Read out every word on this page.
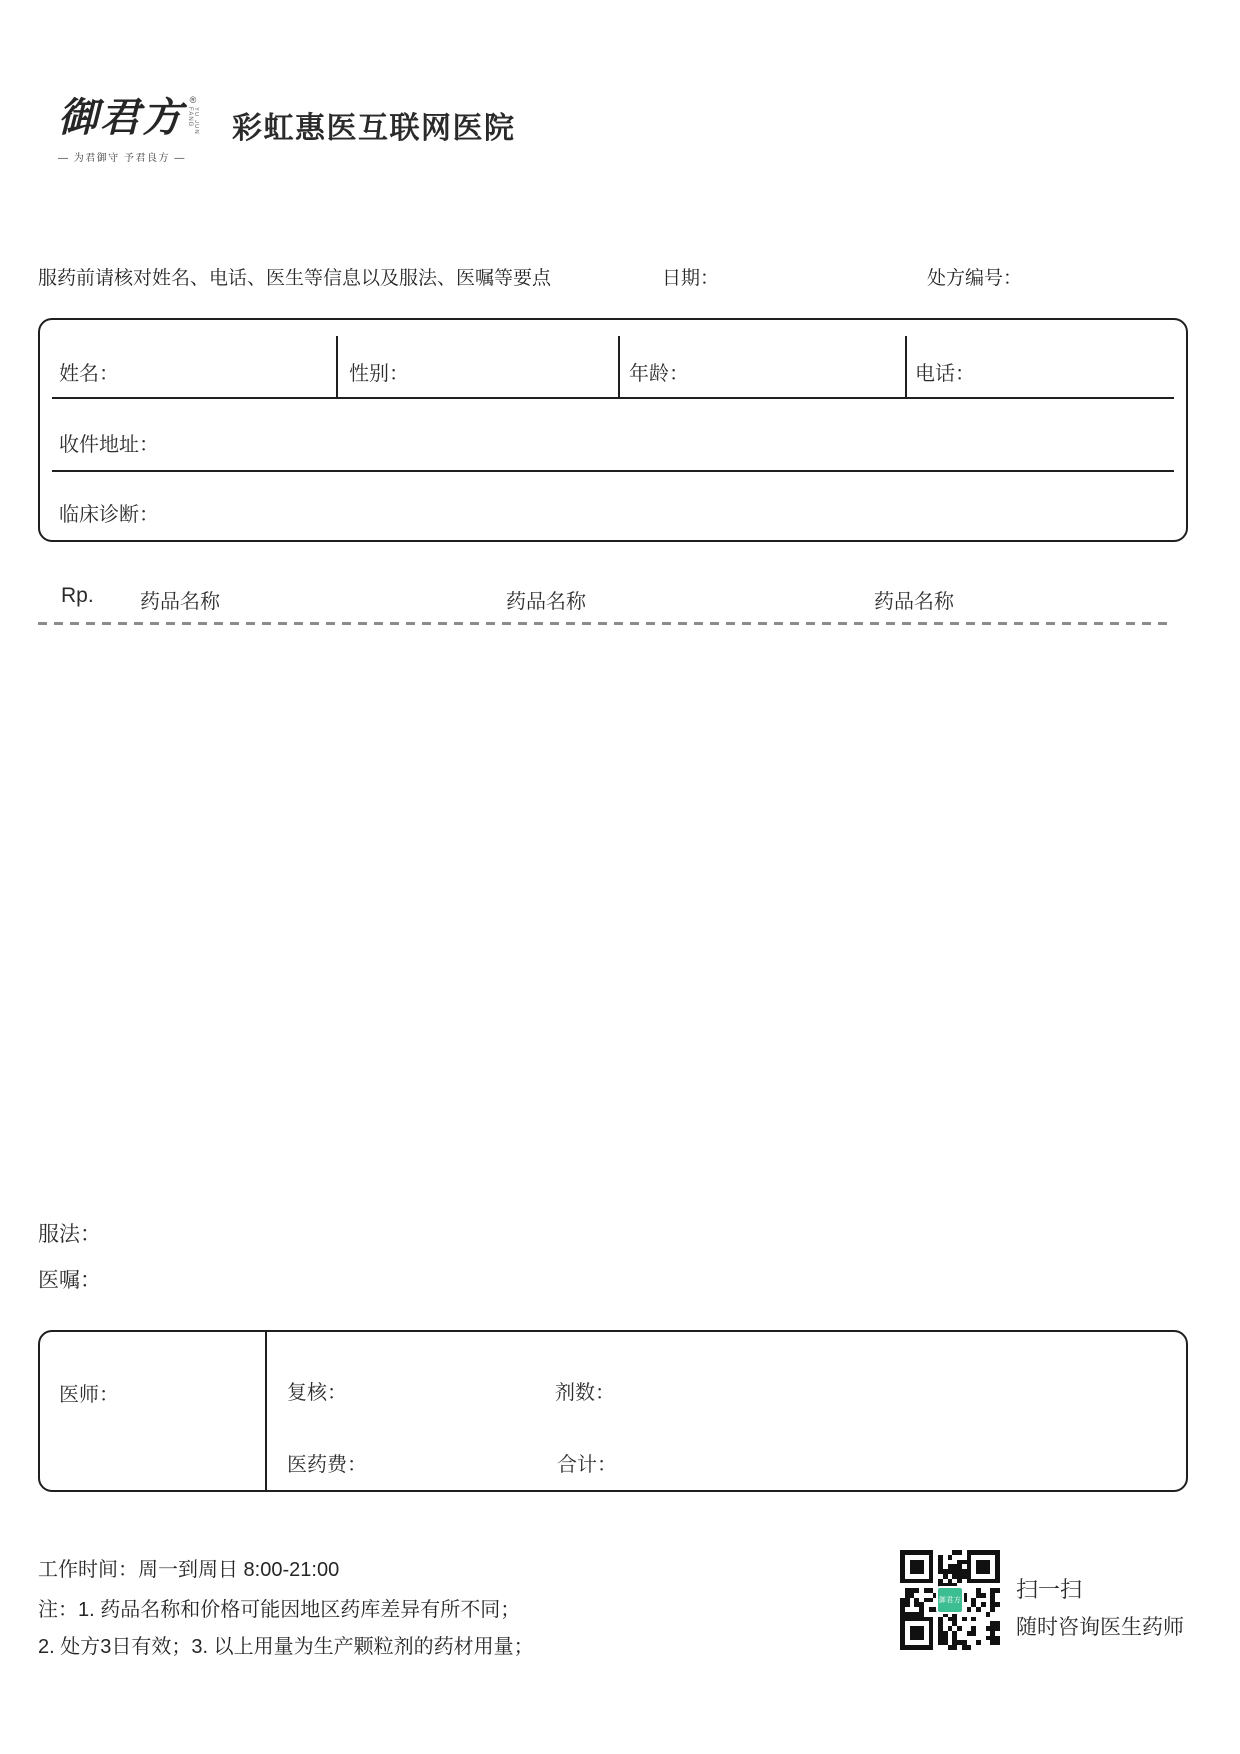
御君方 ®
YU JUN FANG
— 为君御守 予君良方 —
彩虹惠医互联网医院
服药前请核对姓名、电话、医生等信息以及服法、医嘱等要点	日期：	处方编号：
姓名：	性别：	年龄：	电话：
收件地址：
临床诊断：
Rp. 药品名称	药品名称	药品名称
服法：
医嘱：
医师：	复核：	剂数：
医药费：	合计：
工作时间：周一到周日 8:00-21:00
注：1. 药品名称和价格可能因地区药库差异有所不同；
2. 处方3日有效；3. 以上用量为生产颗粒剂的药材用量；
御君方 扫一扫
随时咨询医生药师
